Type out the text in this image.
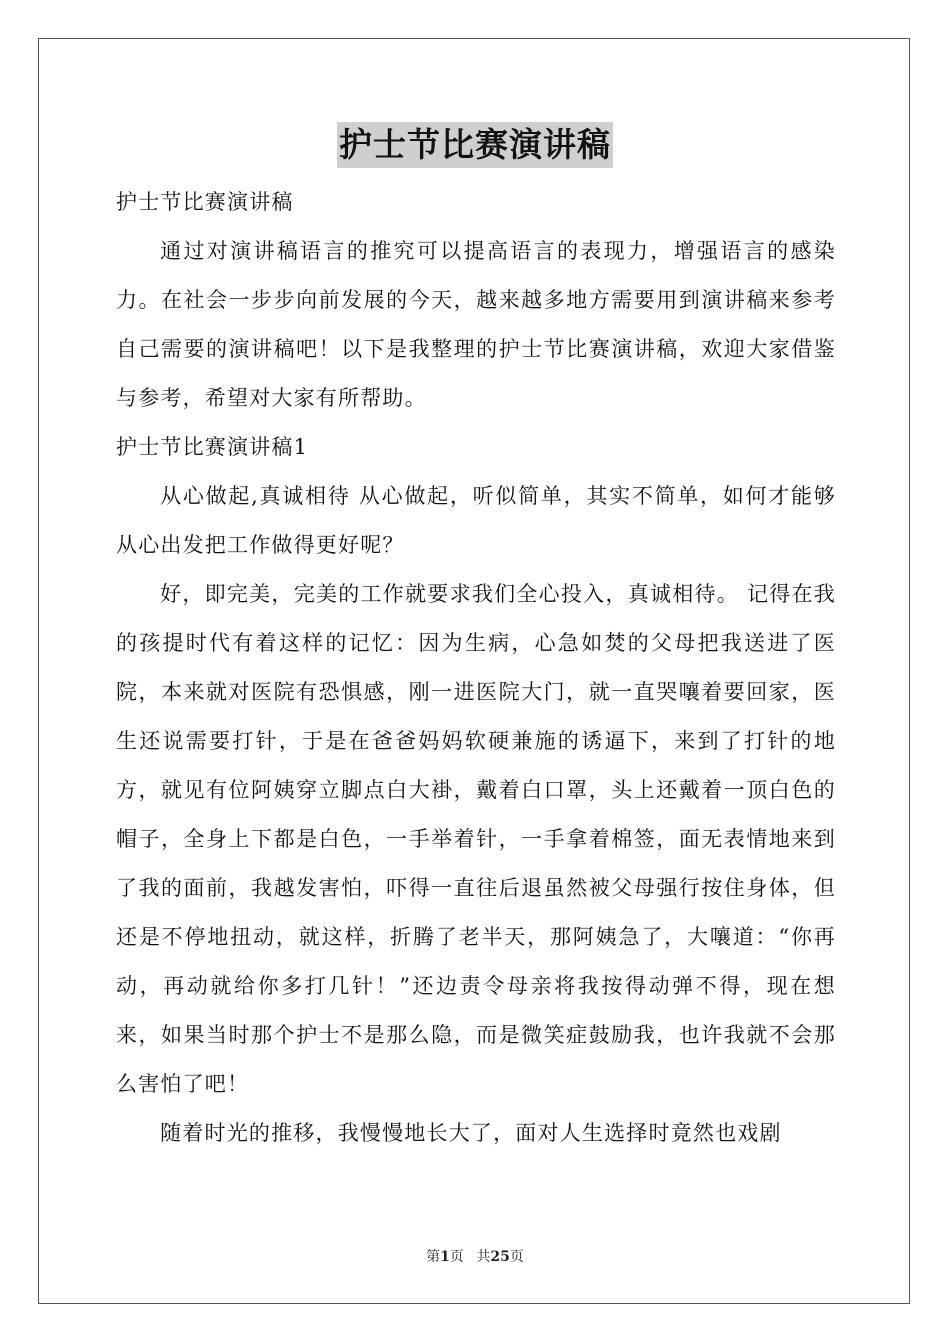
护士节比赛演讲稿

护士节比赛演讲稿

通过对演讲稿语言的推究可以提高语言的表现力，增强语言的感染力。在社会一步步向前发展的今天，越来越多地方需要用到演讲稿来参考自己需要的演讲稿吧！以下是我整理的护士节比赛演讲稿，欢迎大家借鉴与参考，希望对大家有所帮助。

护士节比赛演讲稿1

从心做起,真诚相待 从心做起，听似简单，其实不简单，如何才能够从心出发把工作做得更好呢？

好，即完美，完美的工作就要求我们全心投入，真诚相待。 记得在我的孩提时代有着这样的记忆：因为生病，心急如焚的父母把我送进了医院，本来就对医院有恐惧感，刚一进医院大门，就一直哭嚷着要回家，医生还说需要打针，于是在爸爸妈妈软硬兼施的诱逼下，来到了打针的地方，就见有位阿姨穿立脚点白大褂，戴着白口罩，头上还戴着一顶白色的帽子，全身上下都是白色，一手举着针，一手拿着棉签，面无表情地来到了我的面前，我越发害怕，吓得一直往后退虽然被父母强行按住身体，但还是不停地扭动，就这样，折腾了老半天，那阿姨急了，大嚷道：“你再动，再动就给你多打几针！”还边责令母亲将我按得动弹不得，现在想来，如果当时那个护士不是那么隐，而是微笑症鼓励我，也许我就不会那么害怕了吧！

随着时光的推移，我慢慢地长大了，面对人生选择时竟然也戏剧

第1页 共25页
